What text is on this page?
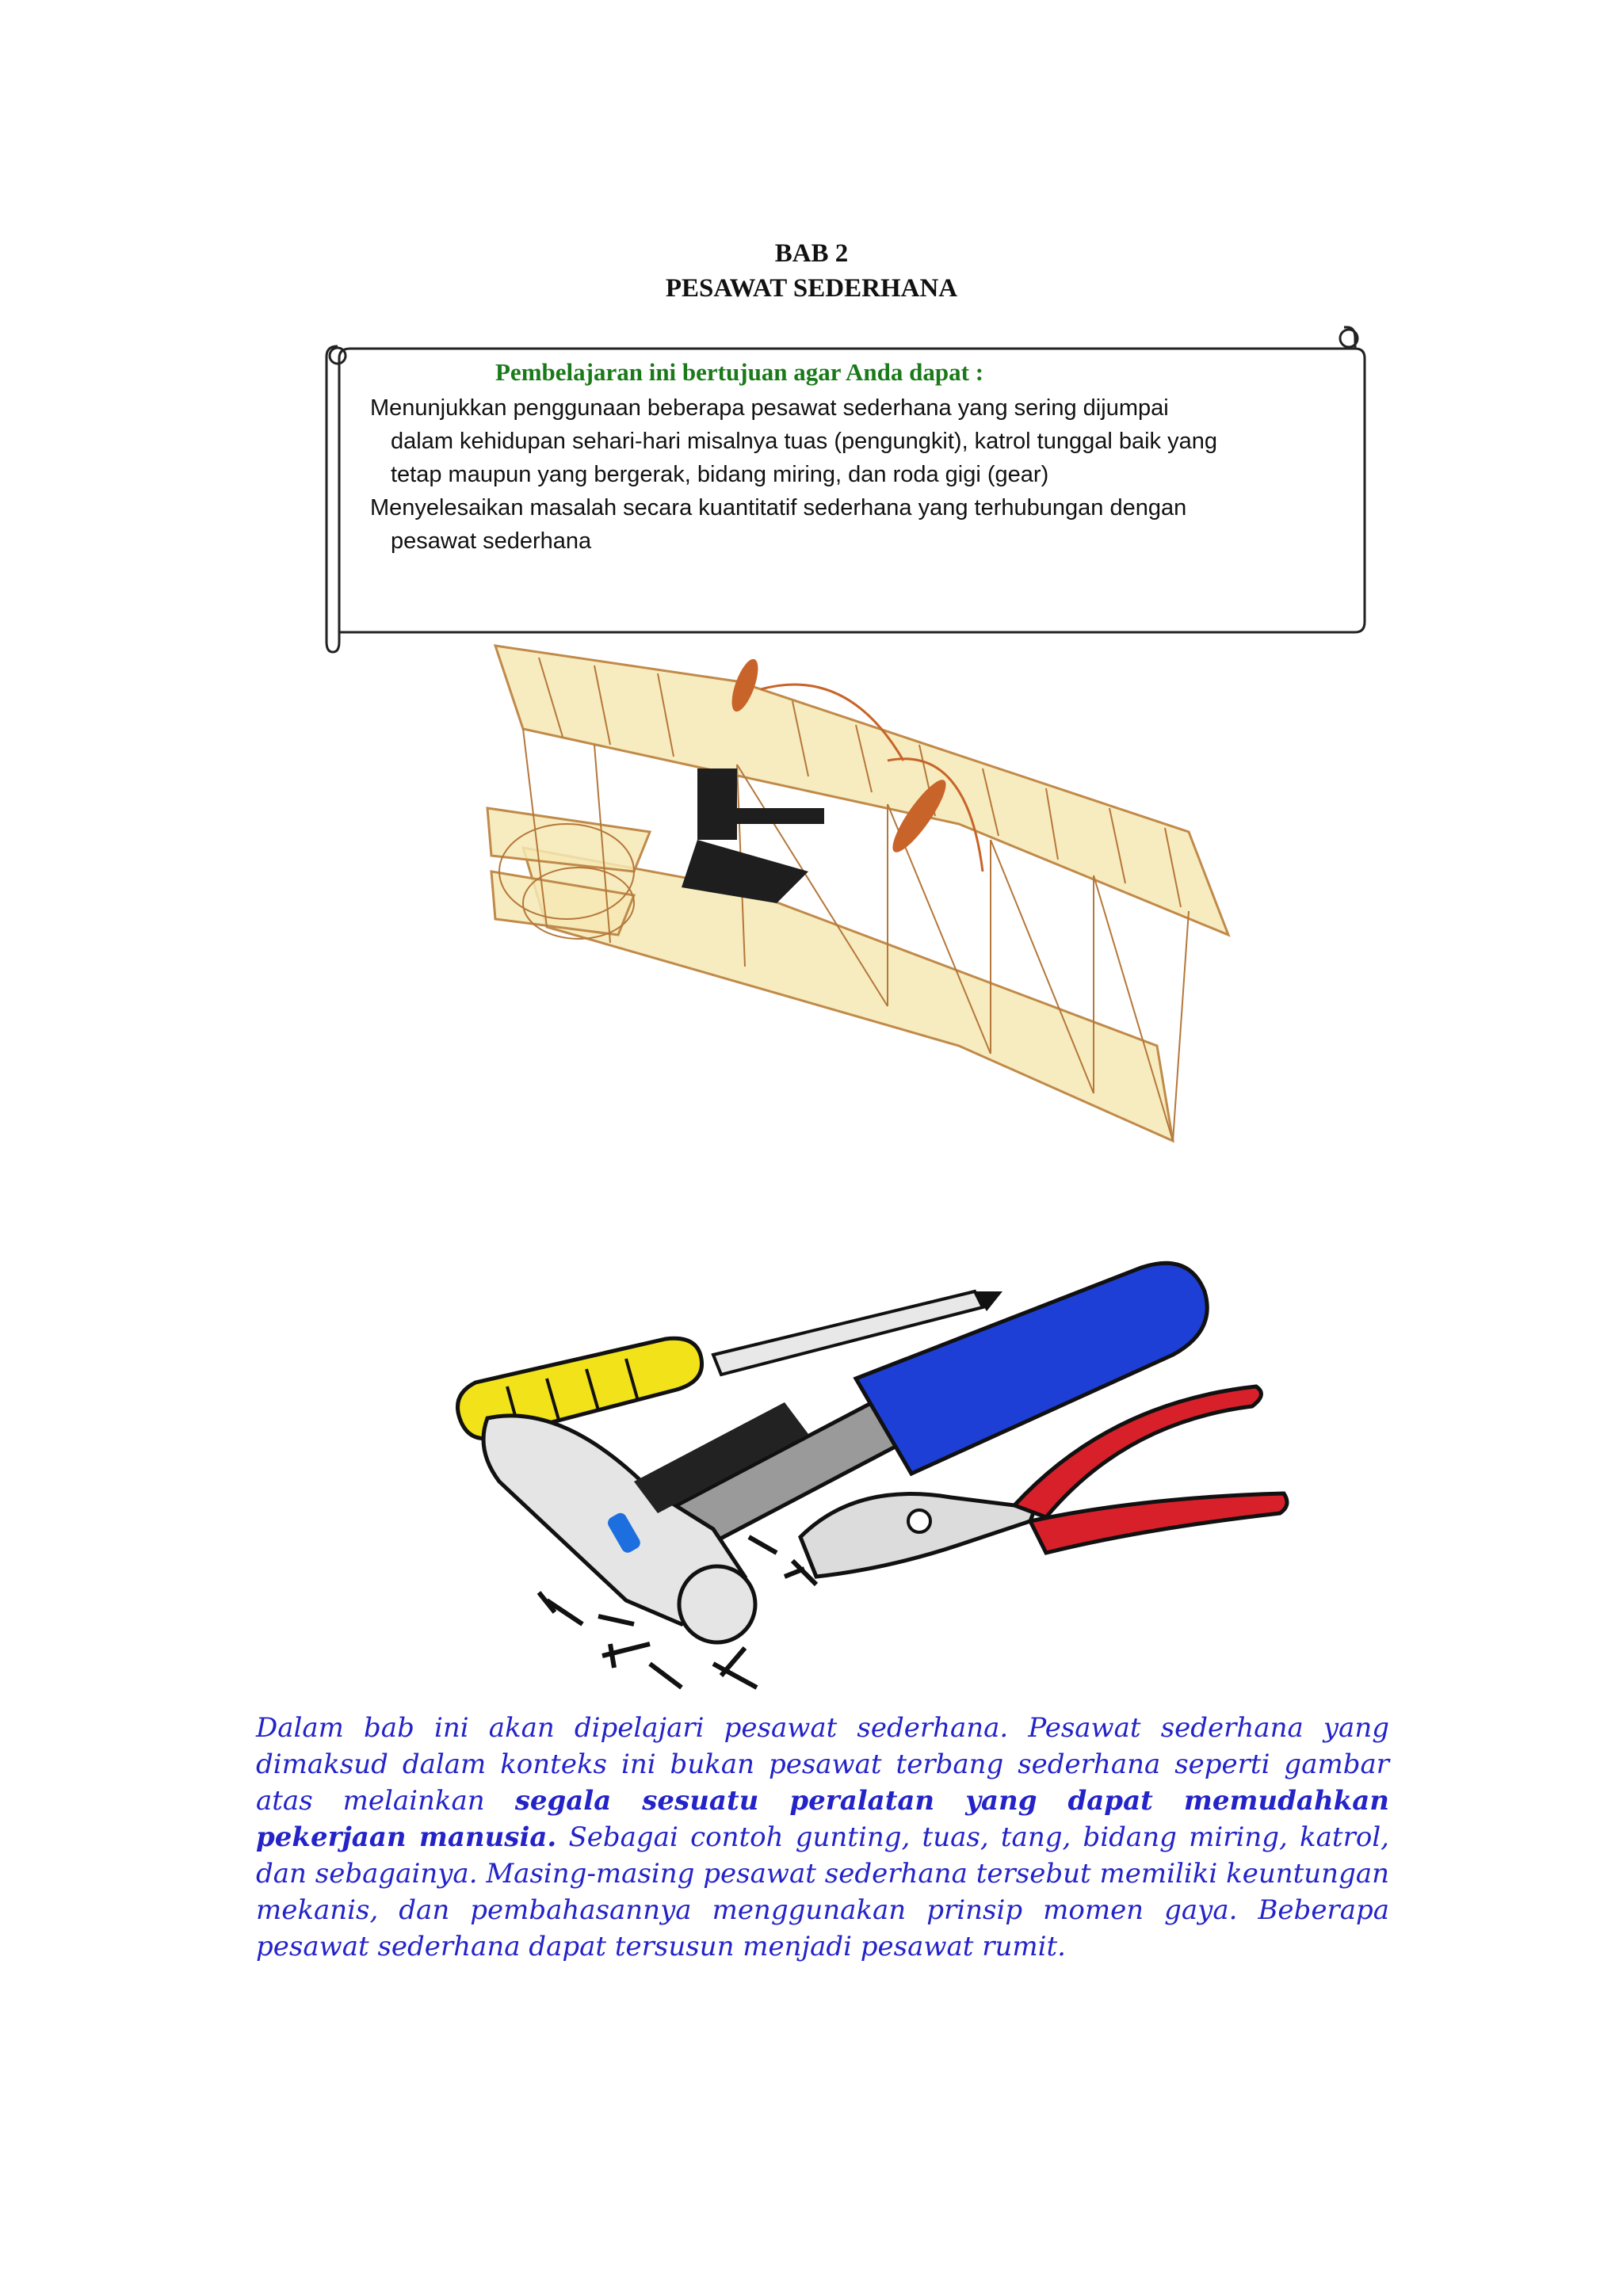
BAB 2
PESAWAT SEDERHANA
Pembelajaran ini bertujuan agar Anda dapat :
Menunjukkan penggunaan beberapa pesawat sederhana yang sering dijumpai
dalam kehidupan sehari-hari misalnya tuas (pengungkit), katrol tunggal baik yang
tetap maupun yang bergerak, bidang miring, dan roda gigi (gear)
Menyelesaikan masalah secara kuantitatif sederhana yang terhubungan dengan
pesawat sederhana

Dalam bab ini akan dipelajari pesawat sederhana. Pesawat sederhana yang dimaksud dalam konteks ini bukan pesawat terbang sederhana seperti gambar atas melainkan segala sesuatu peralatan yang dapat memudahkan pekerjaan manusia. Sebagai contoh gunting, tuas, tang, bidang miring, katrol, dan sebagainya. Masing-masing pesawat sederhana tersebut memiliki keuntungan mekanis, dan pembahasannya menggunakan prinsip momen gaya. Beberapa pesawat sederhana dapat tersusun menjadi pesawat rumit.
